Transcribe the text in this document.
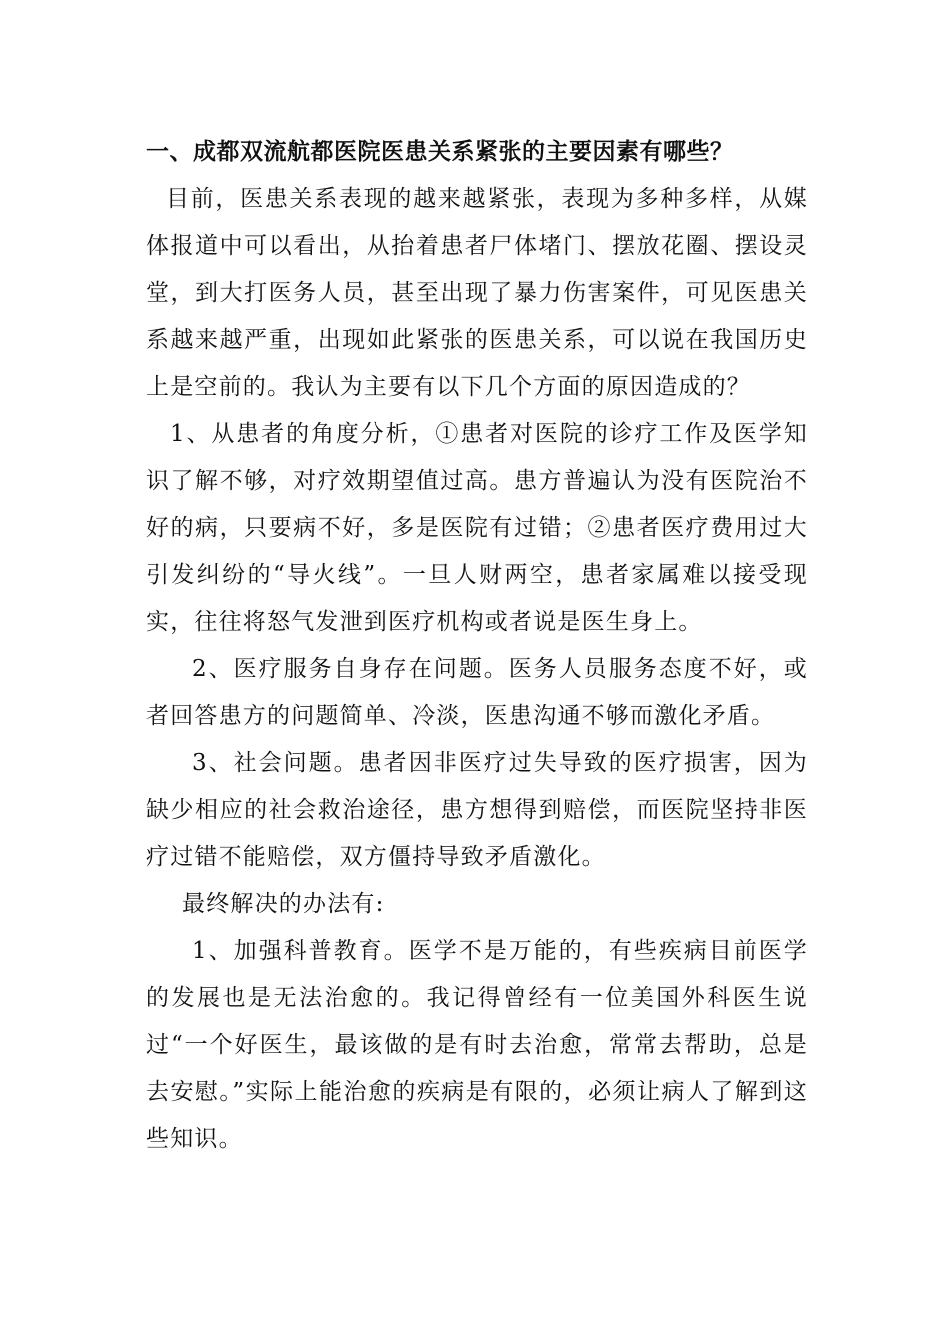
一、成都双流航都医院医患关系紧张的主要因素有哪些？

目前，医患关系表现的越来越紧张，表现为多种多样，从媒体报道中可以看出，从抬着患者尸体堵门、摆放花圈、摆设灵堂，到大打医务人员，甚至出现了暴力伤害案件，可见医患关系越来越严重，出现如此紧张的医患关系，可以说在我国历史上是空前的。我认为主要有以下几个方面的原因造成的？

1、从患者的角度分析，①患者对医院的诊疗工作及医学知识了解不够，对疗效期望值过高。患方普遍认为没有医院治不好的病，只要病不好，多是医院有过错；②患者医疗费用过大引发纠纷的“导火线”。一旦人财两空，患者家属难以接受现实，往往将怒气发泄到医疗机构或者说是医生身上。

2、医疗服务自身存在问题。医务人员服务态度不好，或者回答患方的问题简单、冷淡，医患沟通不够而激化矛盾。

3、社会问题。患者因非医疗过失导致的医疗损害，因为缺少相应的社会救治途径，患方想得到赔偿，而医院坚持非医疗过错不能赔偿，双方僵持导致矛盾激化。

最终解决的办法有:

1、加强科普教育。医学不是万能的，有些疾病目前医学的发展也是无法治愈的。我记得曾经有一位美国外科医生说过“一个好医生，最该做的是有时去治愈，常常去帮助，总是去安慰。”实际上能治愈的疾病是有限的，必须让病人了解到这些知识。
